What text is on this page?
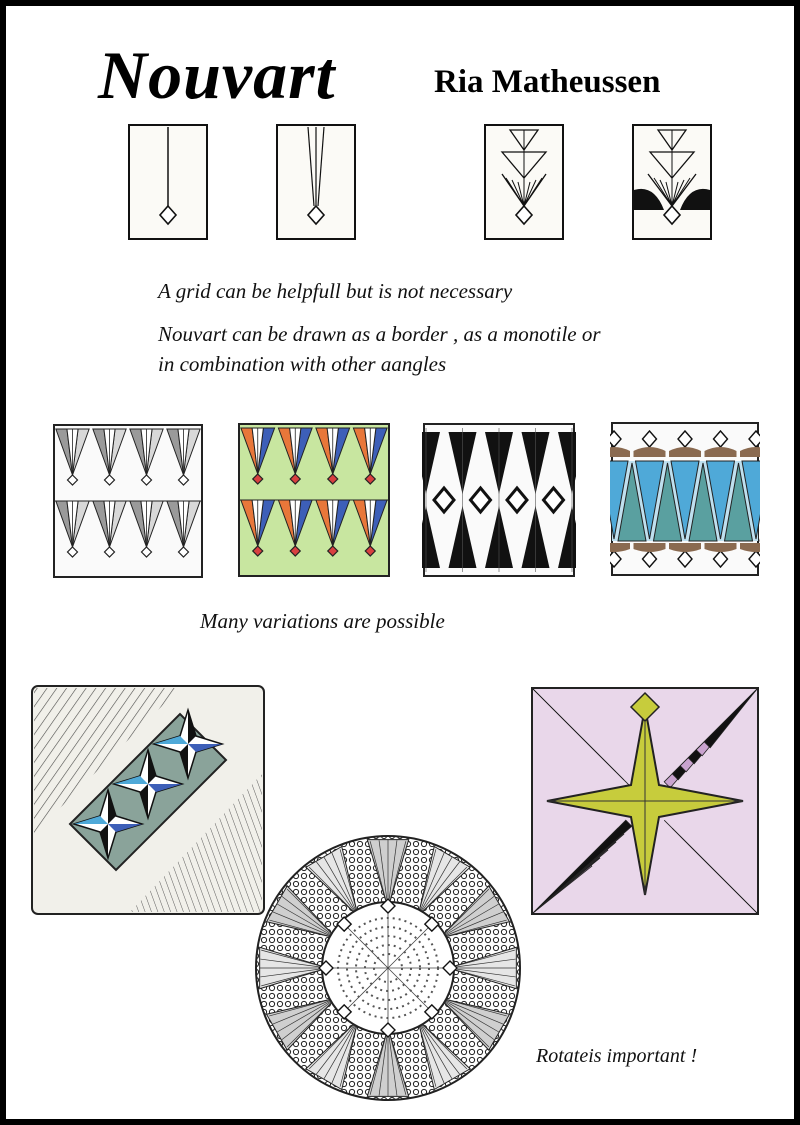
Nouvart	Ria Matheussen
A grid can be helpfull but is not necessary
Nouvart can be drawn as a border , as a monotile or
in combination with other aangles
Many variations are possible
Rotateis important !
